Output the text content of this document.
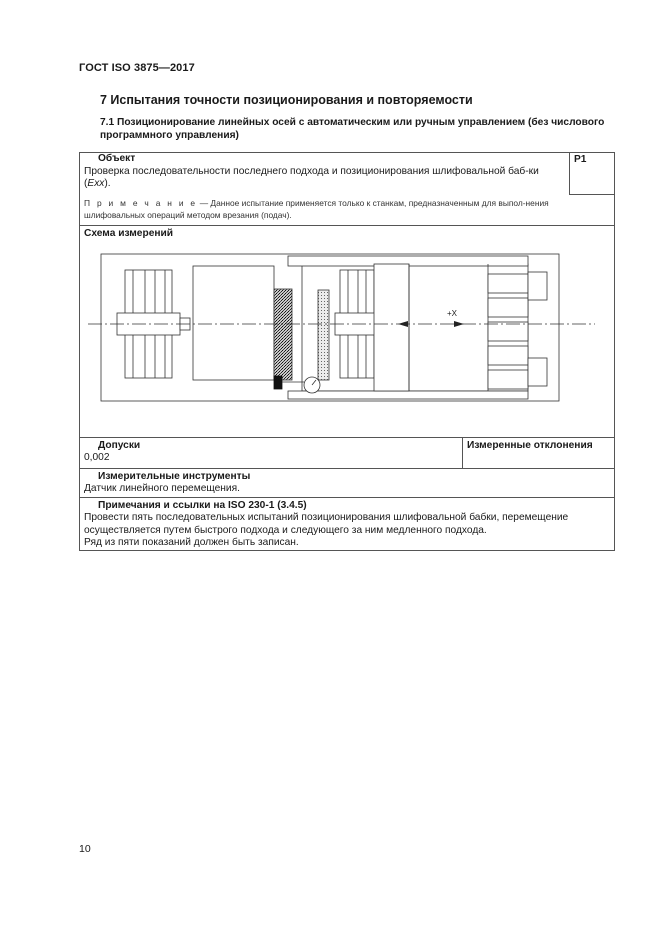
ГОСТ ISO 3875—2017
7 Испытания точности позиционирования и повторяемости
7.1 Позиционирование линейных осей с автоматическим или ручным управлением (без числового программного управления)
Объект
Проверка последовательности последнего подхода и позиционирования шлифовальной баб-ки (Exx).		P1

П р и м е ч а н и е — Данное испытание применяется только к станкам, предназначенным для выпол-нения шлифовальных операций методом врезания (подач).		

Схема измерений
+X		

Допуски
0,002	Измеренные отклонения	

Измерительные инструменты
Датчик линейного перемещения.		

Примечания и ссылки на ISO 230-1 (3.4.5)
Провести пять последовательных испытаний позиционирования шлифовальной бабки, перемещение
осуществляется путем быстрого подхода и следующего за ним медленного подхода.
Ряд из пяти показаний должен быть записан.		
10
